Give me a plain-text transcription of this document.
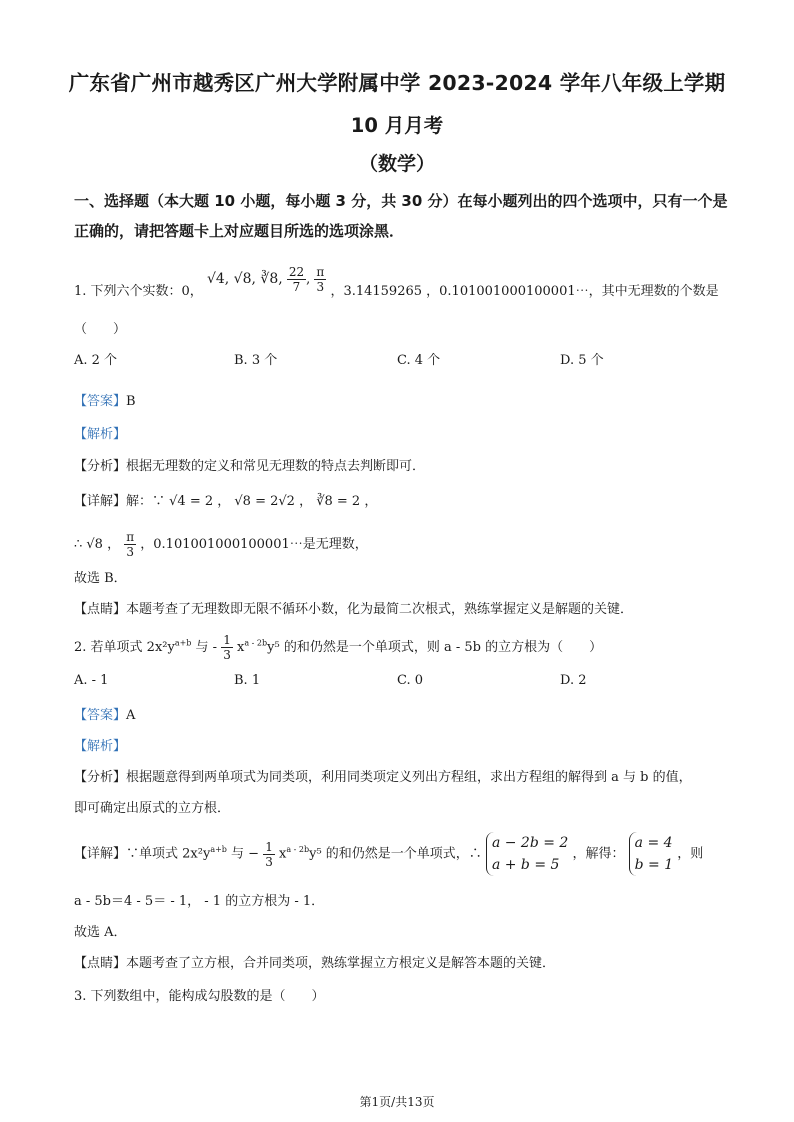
广东省广州市越秀区广州大学附属中学 2023-2024 学年八年级上学期
10 月月考
（数学）
一、选择题（本大题 10 小题，每小题 3 分，共 30 分）在每小题列出的四个选项中，只有一个是正确的，请把答题卡上对应题目所选的选项涂黑．
1. 下列六个实数：0， √4, √8, ∛8, $\frac{22}{7}$ , $\frac{\pi}{3}$ ，3.14159265 ，0.101001000100001⋯，其中无理数的个数是
（　　）
A. 2 个	B. 3 个	C. 4 个	D. 5 个
【答案】B
【解析】
【分析】根据无理数的定义和常见无理数的特点去判断即可．
【详解】解：∵ √4 = 2 ， √8 = 2√2 ， ∛8 = 2 ，
∴ √8 ， $\frac{\pi}{3}$ ，0.101001000100001⋯是无理数，
故选 B．
【点睛】本题考查了无理数即无限不循环小数，化为最简二次根式，熟练掌握定义是解题的关键．
2. 若单项式 $2x^2y^{a+b}$ 与 - $\frac{1}{3} x^{a - 2b}y^5$ 的和仍然是一个单项式，则 a - 5b 的立方根为（　　）
A. - 1	B. 1	C. 0	D. 2
【答案】A
【解析】
【分析】根据题意得到两单项式为同类项，利用同类项定义列出方程组，求出方程组的解得到 a 与 b 的值，
即可确定出原式的立方根．
【详解】∵单项式 $2x^2y^{a+b}$ 与 − $\frac{1}{3} x^{a - 2b}y^5$ 的和仍然是一个单项式，∴ a − 2b = 2
a + b = 5 ，解得： a = 4
b = 1 ，则
a - 5b＝4 - 5＝ - 1， - 1 的立方根为 - 1．
故选 A．
【点睛】本题考查了立方根，合并同类项，熟练掌握立方根定义是解答本题的关键．
3. 下列数组中，能构成勾股数的是（　　）
第1页/共13页
